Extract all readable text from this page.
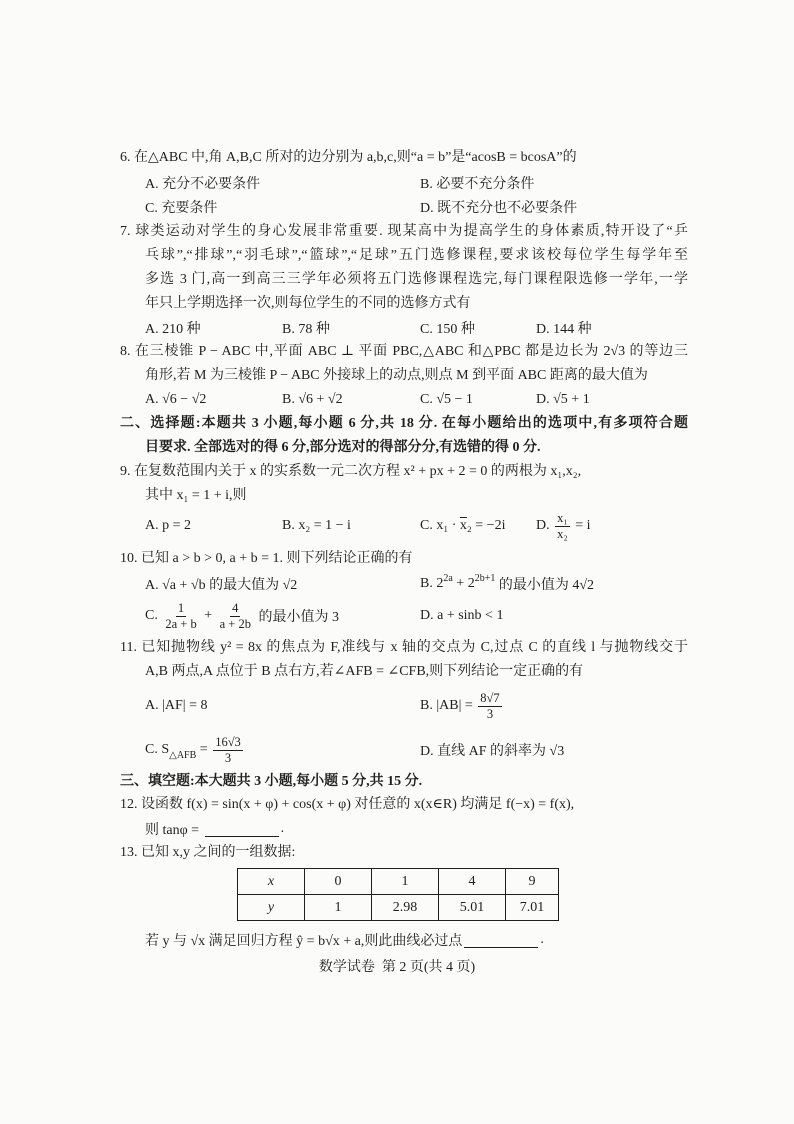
6. 在△ABC 中,角 A,B,C 所对的边分别为 a,b,c,则“a = b”是“acosB = bcosA”的
A. 充分不必要条件	B. 必要不充分条件
C. 充要条件	D. 既不充分也不必要条件
7. 球类运动对学生的身心发展非常重要. 现某高中为提高学生的身体素质,特开设了“乒
乓球”,“排球”,“羽毛球”,“篮球”,“足球”五门选修课程,要求该校每位学生每学年至
多选 3 门,高一到高三三学年必须将五门选修课程选完,每门课程限选修一学年,一学
年只上学期选择一次,则每位学生的不同的选修方式有
A. 210 种	B. 78 种	C. 150 种	D. 144 种
8. 在三棱锥 P − ABC 中,平面 ABC ⊥ 平面 PBC,△ABC 和△PBC 都是边长为 2√3 的等边三
角形,若 M 为三棱锥 P − ABC 外接球上的动点,则点 M 到平面 ABC 距离的最大值为
A. √6 − √2	B. √6 + √2	C. √5 − 1	D. √5 + 1
二、选择题:本题共 3 小题,每小题 6 分,共 18 分. 在每小题给出的选项中,有多项符合题
目要求. 全部选对的得 6 分,部分选对的得部分分,有选错的得 0 分.
9. 在复数范围内关于 x 的实系数一元二次方程 x² + px + 2 = 0 的两根为 x₁,x₂,
其中 x₁ = 1 + i,则
A. p = 2	B. x₂ = 1 − i	C. $x_1 \cdot \overline{x}$ ₂ = −2i D. $\frac{\text{x₁}}{\text{x₂}} = i$
10. 已知 a > b > 0, a + b = 1. 则下列结论正确的有
A. √a + √b 的最大值为 √2	B. 2 2a + 2 2b+1 的最小值为 4√2
C. $\frac{1}{2a + b} + \frac{4}{a + 2b}$ 的最小值为 3	D. a + sinb < 1
11. 已知抛物线 y² = 8x 的焦点为 F,准线与 x 轴的交点为 C,过点 C 的直线 l 与抛物线交于
A,B 两点,A 点位于 B 点右方,若∠AFB = ∠CFB,则下列结论一定正确的有
A. |AF| = 8	B. $|AB| = \frac{8√7}{3}$
C. S △AFB = $\frac{16√3}{3}$	D. 直线 AF 的斜率为 √3
三、填空题:本大题共 3 小题,每小题 5 分,共 15 分.
12. 设函数 f(x) = sin(x + φ) + cos(x + φ) 对任意的 x(x∈R) 均满足 f(−x) = f(x),
则 tanφ =	.
13. 已知 x,y 之间的一组数据:
x	0	1	4	9
y	1	2.98	5.01	7.01
若 y 与 √x 满足回归方程 ŷ = b√x + a,则此曲线必过点	.
数学试卷  第 2 页(共 4 页)
